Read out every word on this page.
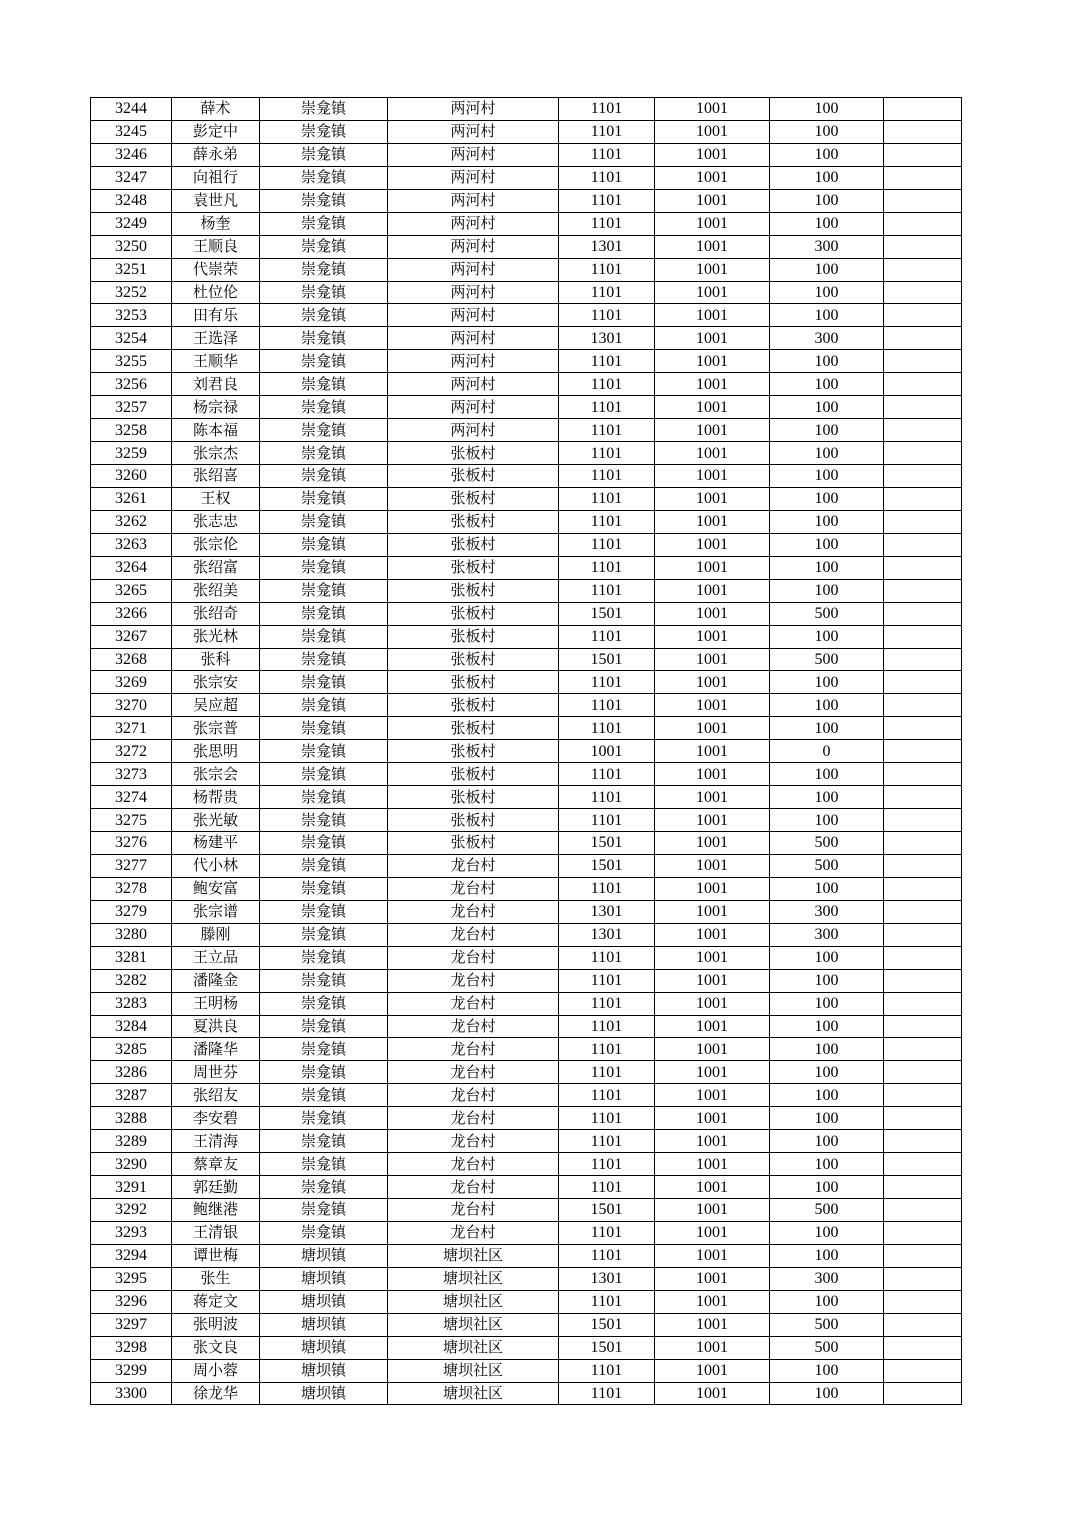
3244	薛术	崇龛镇	两河村	1101	1001	100	
3245	彭定中	崇龛镇	两河村	1101	1001	100	
3246	薛永弟	崇龛镇	两河村	1101	1001	100	
3247	向祖行	崇龛镇	两河村	1101	1001	100	
3248	袁世凡	崇龛镇	两河村	1101	1001	100	
3249	杨奎	崇龛镇	两河村	1101	1001	100	
3250	王顺良	崇龛镇	两河村	1301	1001	300	
3251	代崇荣	崇龛镇	两河村	1101	1001	100	
3252	杜位伦	崇龛镇	两河村	1101	1001	100	
3253	田有乐	崇龛镇	两河村	1101	1001	100	
3254	王选泽	崇龛镇	两河村	1301	1001	300	
3255	王顺华	崇龛镇	两河村	1101	1001	100	
3256	刘君良	崇龛镇	两河村	1101	1001	100	
3257	杨宗禄	崇龛镇	两河村	1101	1001	100	
3258	陈本福	崇龛镇	两河村	1101	1001	100	
3259	张宗杰	崇龛镇	张板村	1101	1001	100	
3260	张绍喜	崇龛镇	张板村	1101	1001	100	
3261	王权	崇龛镇	张板村	1101	1001	100	
3262	张志忠	崇龛镇	张板村	1101	1001	100	
3263	张宗伦	崇龛镇	张板村	1101	1001	100	
3264	张绍富	崇龛镇	张板村	1101	1001	100	
3265	张绍美	崇龛镇	张板村	1101	1001	100	
3266	张绍奇	崇龛镇	张板村	1501	1001	500	
3267	张光林	崇龛镇	张板村	1101	1001	100	
3268	张科	崇龛镇	张板村	1501	1001	500	
3269	张宗安	崇龛镇	张板村	1101	1001	100	
3270	吴应超	崇龛镇	张板村	1101	1001	100	
3271	张宗普	崇龛镇	张板村	1101	1001	100	
3272	张思明	崇龛镇	张板村	1001	1001	0	
3273	张宗会	崇龛镇	张板村	1101	1001	100	
3274	杨帮贵	崇龛镇	张板村	1101	1001	100	
3275	张光敏	崇龛镇	张板村	1101	1001	100	
3276	杨建平	崇龛镇	张板村	1501	1001	500	
3277	代小林	崇龛镇	龙台村	1501	1001	500	
3278	鲍安富	崇龛镇	龙台村	1101	1001	100	
3279	张宗谱	崇龛镇	龙台村	1301	1001	300	
3280	滕刚	崇龛镇	龙台村	1301	1001	300	
3281	王立品	崇龛镇	龙台村	1101	1001	100	
3282	潘隆金	崇龛镇	龙台村	1101	1001	100	
3283	王明杨	崇龛镇	龙台村	1101	1001	100	
3284	夏洪良	崇龛镇	龙台村	1101	1001	100	
3285	潘隆华	崇龛镇	龙台村	1101	1001	100	
3286	周世芬	崇龛镇	龙台村	1101	1001	100	
3287	张绍友	崇龛镇	龙台村	1101	1001	100	
3288	李安碧	崇龛镇	龙台村	1101	1001	100	
3289	王清海	崇龛镇	龙台村	1101	1001	100	
3290	蔡章友	崇龛镇	龙台村	1101	1001	100	
3291	郭廷勤	崇龛镇	龙台村	1101	1001	100	
3292	鲍继港	崇龛镇	龙台村	1501	1001	500	
3293	王清银	崇龛镇	龙台村	1101	1001	100	
3294	谭世梅	塘坝镇	塘坝社区	1101	1001	100	
3295	张生	塘坝镇	塘坝社区	1301	1001	300	
3296	蒋定文	塘坝镇	塘坝社区	1101	1001	100	
3297	张明波	塘坝镇	塘坝社区	1501	1001	500	
3298	张文良	塘坝镇	塘坝社区	1501	1001	500	
3299	周小蓉	塘坝镇	塘坝社区	1101	1001	100	
3300	徐龙华	塘坝镇	塘坝社区	1101	1001	100	
